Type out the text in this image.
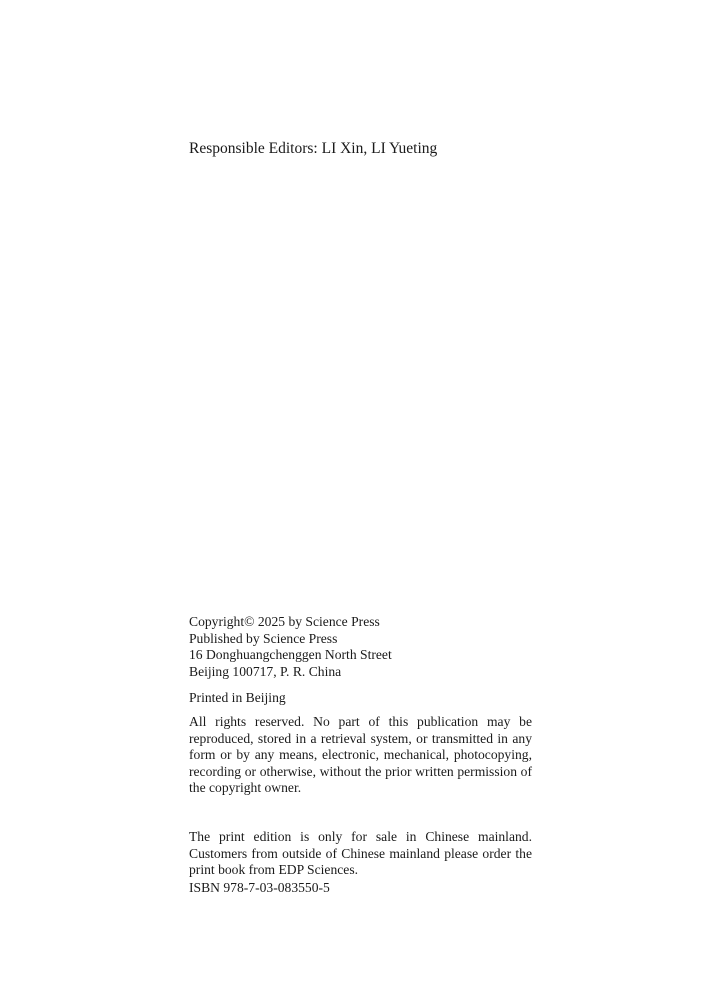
Responsible Editors: LI Xin, LI Yueting
Copyright© 2025 by Science Press
Published by Science Press
16 Donghuangchenggen North Street
Beijing 100717, P. R. China
Printed in Beijing
All rights reserved. No part of this publication may be reproduced, stored in a retrieval system, or transmitted in any form or by any means, electronic, mechanical, photocopying, recording or otherwise, without the prior written permission of the copyright owner.
The print edition is only for sale in Chinese mainland. Customers from outside of Chinese mainland please order the print book from EDP Sciences.
ISBN 978-7-03-083550-5
